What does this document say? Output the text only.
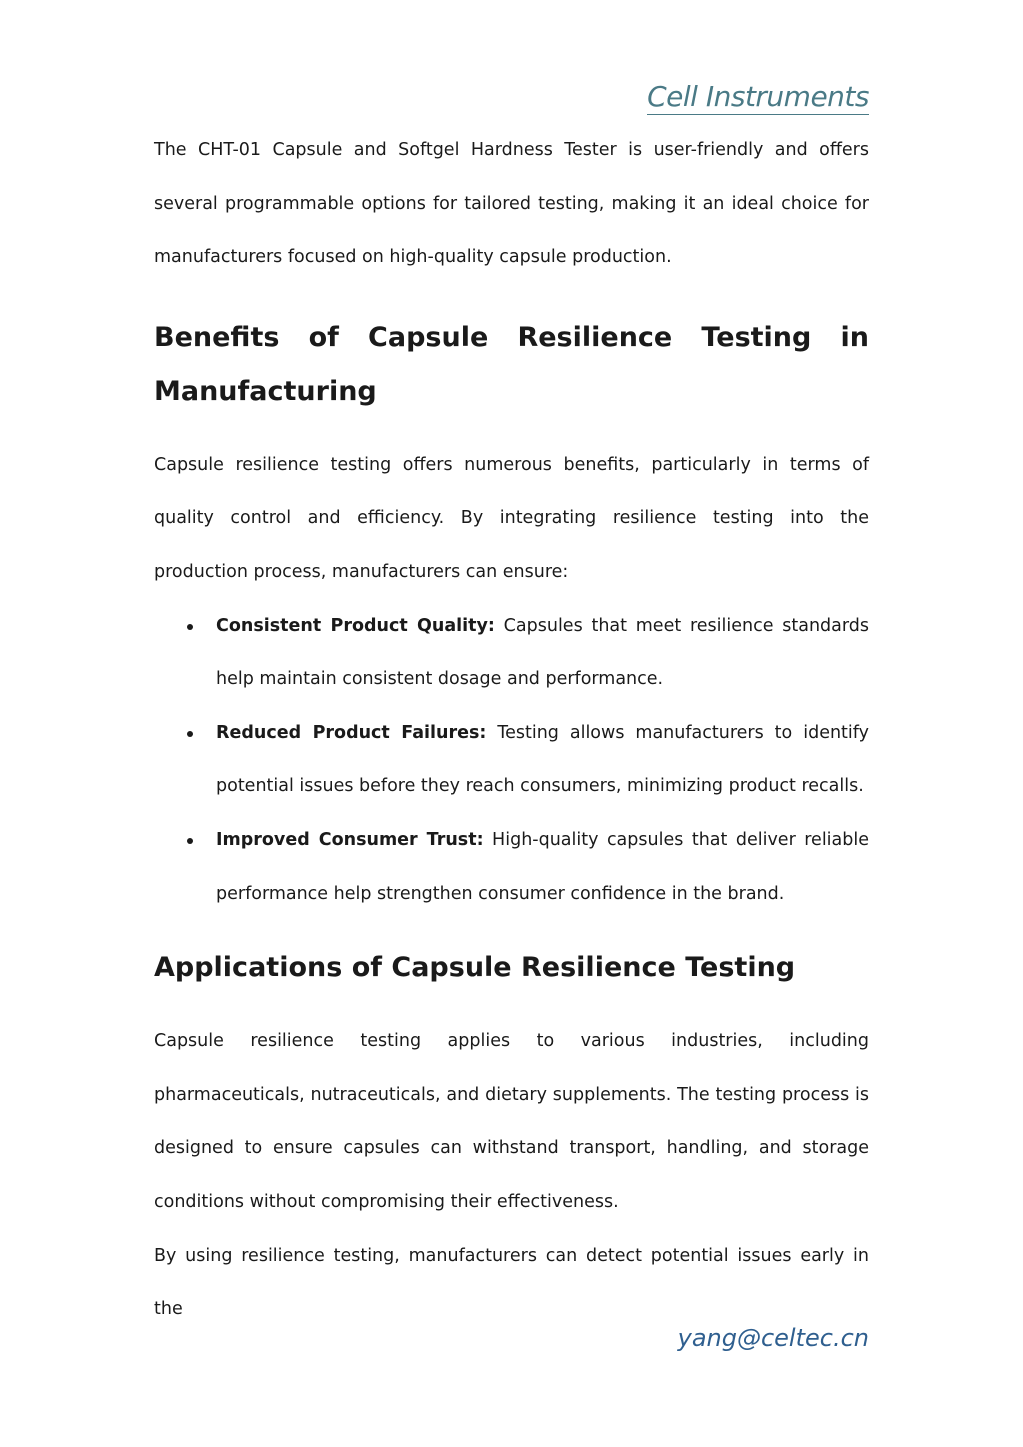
Cell Instruments

The CHT-01 Capsule and Softgel Hardness Tester is user-friendly and offers several programmable options for tailored testing, making it an ideal choice for manufacturers focused on high-quality capsule production.

Benefits of Capsule Resilience Testing in Manufacturing

Capsule resilience testing offers numerous benefits, particularly in terms of quality control and efficiency. By integrating resilience testing into the production process, manufacturers can ensure:

Consistent Product Quality: Capsules that meet resilience standards help maintain consistent dosage and performance.
Reduced Product Failures: Testing allows manufacturers to identify potential issues before they reach consumers, minimizing product recalls.
Improved Consumer Trust: High-quality capsules that deliver reliable performance help strengthen consumer confidence in the brand.
Applications of Capsule Resilience Testing

Capsule resilience testing applies to various industries, including pharmaceuticals, nutraceuticals, and dietary supplements. The testing process is designed to ensure capsules can withstand transport, handling, and storage conditions without compromising their effectiveness.

By using resilience testing, manufacturers can detect potential issues early in the

yang@celtec.cn
